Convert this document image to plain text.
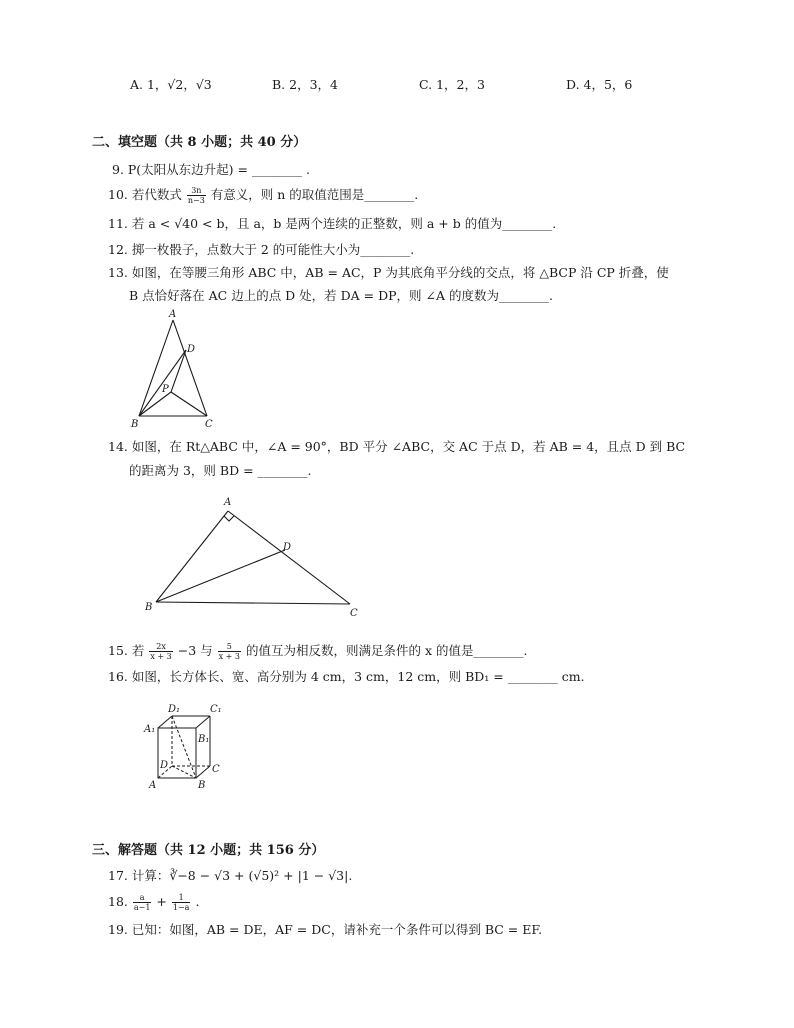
A. 1，√2，√3	B. 2，3，4	C. 1，2，3	D. 4，5，6
二、填空题（共 8 小题；共 40 分）
9. P(太阳从东边升起) = ________ .
10. 若代数式 $\frac{3n}{n-3}$ 有意义，则 n 的取值范围是________.
11. 若 a < √40 < b，且 a，b 是两个连续的正整数，则 a + b 的值为________.
12. 掷一枚骰子，点数大于 2 的可能性大小为________.
13. 如图，在等腰三角形 ABC 中，AB = AC，P 为其底角平分线的交点，将 △BCP 沿 CP 折叠，使
B 点恰好落在 AC 边上的点 D 处，若 DA = DP，则 ∠A 的度数为________.
A
D
P
B	C
14. 如图，在 Rt△ABC 中，∠A = 90°，BD 平分 ∠ABC，交 AC 于点 D，若 AB = 4，且点 D 到 BC
的距离为 3，则 BD = ________.
A
D
B
C
15. 若 $\frac{2x}{x + 3} -3$ 与 $\frac{5}{x + 3}$ 的值互为相反数，则满足条件的 x 的值是________.
16. 如图，长方体长、宽、高分别为 4 cm，3 cm，12 cm，则 BD₁ = ________ cm.
D₁	C₁
A₁
B₁
D	C
A	B
三、解答题（共 12 小题；共 156 分）
17. 计算：∛−8 − √3 + (√5)² + |1 − √3|.
18. $\frac{a}{a-1} + \frac{1}{1-a}$ .
19. 已知：如图，AB = DE，AF = DC，请补充一个条件可以得到 BC = EF.
